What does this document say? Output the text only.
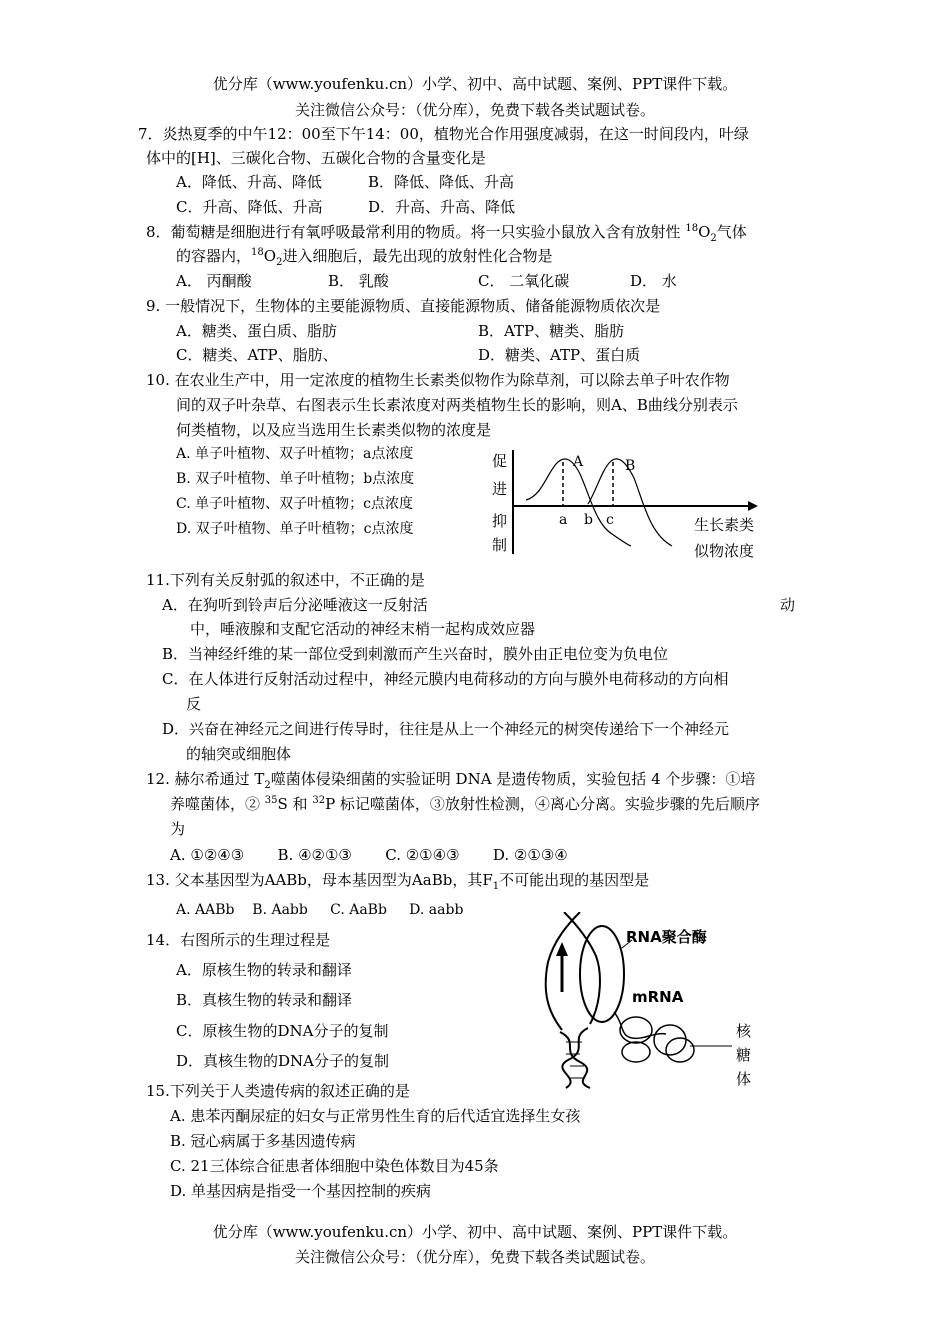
优分库（www.youfenku.cn）小学、初中、高中试题、案例、PPT课件下载。
关注微信公众号：（优分库），免费下载各类试题试卷。
7．炎热夏季的中午12：00至下午14：00，植物光合作用强度减弱，在这一时间段内，叶绿
体中的[H]、三碳化合物、五碳化合物的含量变化是
A．降低、升高、降低	B．降低、降低、升高
C．升高、降低、升高	D．升高、升高、降低
8．葡萄糖是细胞进行有氧呼吸最常利用的物质。将一只实验小鼠放入含有放射性 $^{18}O_2$气体
的容器内，$^{18}O_2$进入细胞后，最先出现的放射性化合物是
A． 丙酮酸	B． 乳酸	C． 二氧化碳	D． 水
9. 一般情况下，生物体的主要能源物质、直接能源物质、储备能源物质依次是
A．糖类、蛋白质、脂肪	B．ATP、糖类、脂肪
C．糖类、ATP、脂肪、	D．糖类、ATP、蛋白质
10. 在农业生产中，用一定浓度的植物生长素类似物作为除草剂，可以除去单子叶农作物
间的双子叶杂草、右图表示生长素浓度对两类植物生长的影响，则A、B曲线分别表示
何类植物，以及应当选用生长素类似物的浓度是
A. 单子叶植物、双子叶植物；a点浓度
B. 双子叶植物、单子叶植物；b点浓度
C. 单子叶植物、双子叶植物；c点浓度
D. 双子叶植物、单子叶植物；c点浓度
促
进
抑
制
A	B
a b c	生长素类
似物浓度
11.下列有关反射弧的叙述中，不正确的是
A．在狗听到铃声后分泌唾液这一反射活	动
中，唾液腺和支配它活动的神经末梢一起构成效应器
B．当神经纤维的某一部位受到刺激而产生兴奋时，膜外由正电位变为负电位
C．在人体进行反射活动过程中，神经元膜内电荷移动的方向与膜外电荷移动的方向相
反
D．兴奋在神经元之间进行传导时，往往是从上一个神经元的树突传递给下一个神经元
的轴突或细胞体
12. 赫尔希通过 $T_2$噬菌体侵染细菌的实验证明 DNA 是遗传物质，实验包括 4 个步骤：①培
养噬菌体，② $^{35}$S 和 $^{32}$P 标记噬菌体，③放射性检测，④离心分离。实验步骤的先后顺序
为
A. ①②④③       B. ④②①③       C. ②①④③       D. ②①③④
13. 父本基因型为AABb，母本基因型为AaBb，其$F_1$不可能出现的基因型是
A. AABb    B. Aabb     C. AaBb     D. aabb
14．右图所示的生理过程是
A．原核生物的转录和翻译
B．真核生物的转录和翻译
C．原核生物的DNA分子的复制
D．真核生物的DNA分子的复制
RNA聚合酶
mRNA
核
糖
体
15.下列关于人类遗传病的叙述正确的是
A. 患苯丙酮尿症的妇女与正常男性生育的后代适宜选择生女孩
B. 冠心病属于多基因遗传病
C. 21三体综合征患者体细胞中染色体数目为45条
D. 单基因病是指受一个基因控制的疾病
优分库（www.youfenku.cn）小学、初中、高中试题、案例、PPT课件下载。
关注微信公众号：（优分库），免费下载各类试题试卷。
